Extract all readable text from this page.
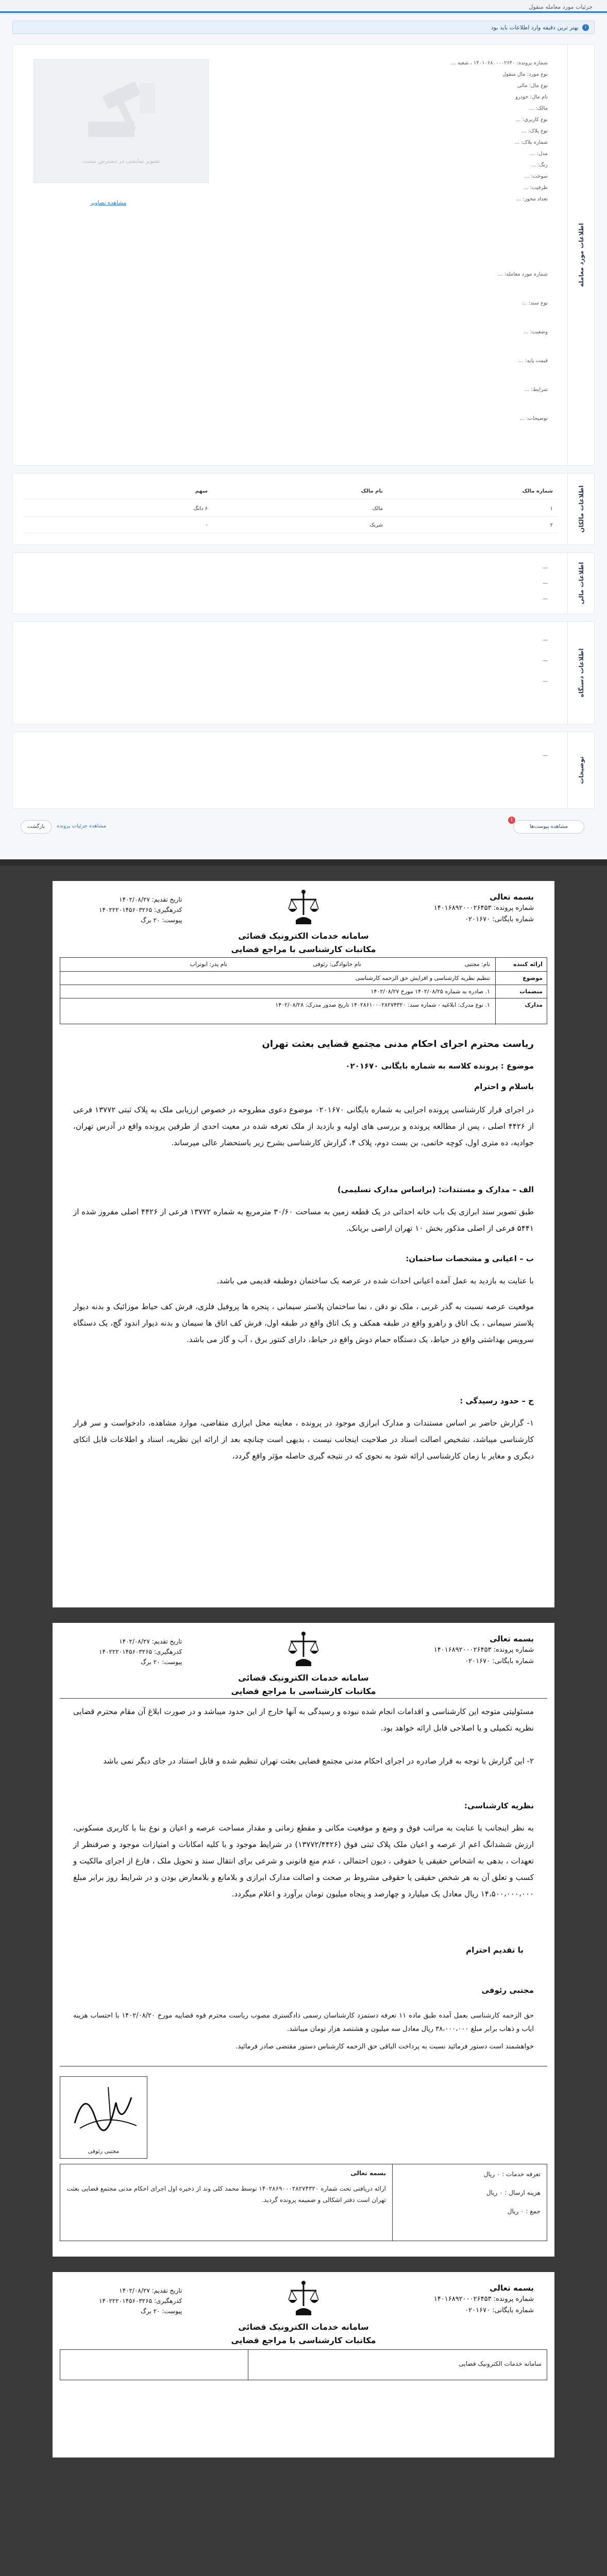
جزئیات مورد معامله منقول
i
بهتر ترین دقیقه وارد اطلاعات باید بود
اطلاعات مورد معامله
تصویر نمایشی در دسترس نیست
مشاهده تصاویر
شماره پرونده: ۱۴۰۱۰۶۸۰۰۰۰۲۶۴۰ ، شعبه ...
نوع مورد: مال منقول
نوع مال: مالی
نام مال: خودرو
مالک: ...
نوع کاربری: ...
نوع پلاک: ...
شماره پلاک: ...
مدل: ...
رنگ: ...
سوخت: ...
ظرفیت: ...
تعداد محور: ...
شماره مورد معامله: ...
نوع سند: ...
وضعیت: ...
قیمت پایه: ...
شرایط: ...
توضیحات: ...
اطلاعات مالکان
شماره مالک
نام مالک
سهم
۱
مالک
۶ دانگ
۲
شریک
-
اطلاعات مالی
—
—
—
اطلاعات دستگاه
—
—
—
توضیحات
—
بازگشت	مشاهده جزئیات پرونده	مشاهده پیوست‌ها
1
بسمه تعالی
شماره پرونده: ۱۴۰۱۶۸۹۲۰۰۰۲۶۴۵۳
شماره بایگانی: ۰۲۰۱۶۷۰
سامانه خدمات الکترونیک قضائی
مکاتبات کارشناسی با مراجع قضایی
تاریخ تقدیم: ۱۴۰۲/۰۸/۲۷
کدرهگیری: ۱۴۰۲۲۲۰۱۴۵۶۰۳۲۶۵
پیوست: ۲۰ برگ
ارائه کننده
نام: مجتبی
نام خانوادگی: رئوفی
نام پدر: ابوتراب
موضوع
تنظیم نظریه کارشناسی و افزایش حق الزحمه کارشناسی
منضمات
۱. صادره به شماره ۱۴۰۲/۰۸/۲۵ مورخ ۱۴۰۲/۰۸/۲۷
مدارک
۱. نوع مدرک: ابلاغیه - شماره سند: ۱۴۰۲۸۶۱۰۰۰۲۸۲۷۴۳۲۰ تاریخ صدور مدرک: ۱۴۰۲/۰۸/۲۸
ریاست محترم اجرای احکام مدنی مجتمع قضایی بعثت تهران
موضوع : پرونده کلاسه به شماره بایگانی ۰۲۰۱۶۷۰
باسلام و احترام
در اجرای قرار کارشناسی پرونده اجرایی به شماره بایگانی ۰۲۰۱۶۷۰ موضوع دعوی مطروحه در خصوص ارزیابی ملک به پلاک ثبتی ۱۳۷۷۲ فرعی از ۴۴۲۶ اصلی ، پس از مطالعه پرونده و بررسی های اولیه و بازدید از ملک تعرفه شده در معیت احدی از طرفین پرونده واقع در آدرس تهران، جوادیه، ده متری اول، کوچه خاتمی، بن بست دوم، پلاک ۴، گزارش کارشناسی بشرح زیر باستحضار عالی میرساند.
الف – مدارک و مستندات: (براساس مدارک تسلیمی)
طبق تصویر سند ابرازی یک باب خانه احداثی در یک قطعه زمین به مساحت ۳۰/۶۰ مترمربع به شماره ۱۳۷۷۲ فرعی از ۴۴۲۶ اصلی مفروز شده از ۵۴۴۱ فرعی از اصلی مذکور بخش ۱۰ تهران اراضی بریانک.
ب – اعیانی و مشخصات ساختمان:
با عنایت به بازدید به عمل آمده اعیانی احداث شده در عرصه یک ساختمان دوطبقه قدیمی می باشد.
موقعیت عرصه نسبت به گذر غربی ، ملک نو دقن ، نما ساختمان پلاستر سیمانی ، پنجره ها پروفیل فلزی، فرش کف حیاط موزائیک و بدنه دیوار پلاستر سیمانی ، یک اتاق و راهرو واقع در طبقه همکف و یک اتاق واقع در طبقه اول، فرش کف اتاق ها سیمان و بدنه دیوار اندود گچ، یک دستگاه سرویس بهداشتی واقع در حیاط، یک دستگاه حمام دوش واقع در حیاط، دارای کنتور برق ، آب و گاز می باشد.
ج – حدود رسیدگی :
۱- گزارش حاضر بر اساس مستندات و مدارک ابرازی موجود در پرونده ، معاینه محل ابرازی متقاضی، موارد مشاهده، دادخواست و سر قرار کارشناسی میباشد، تشخیص اصالت اسناد در صلاحیت اینجانب نیست ، بدیهی است چنانچه بعد از ارائه این نظریه، اسناد و اطلاعات قابل اتکای دیگری و مغایر با زمان کارشناسی ارائه شود به نحوی که در نتیجه گیری حاصله مؤثر واقع گردد،
بسمه تعالی
شماره پرونده: ۱۴۰۱۶۸۹۲۰۰۰۲۶۴۵۳
شماره بایگانی: ۰۲۰۱۶۷۰
سامانه خدمات الکترونیک قضائی
مکاتبات کارشناسی با مراجع قضایی
تاریخ تقدیم: ۱۴۰۲/۰۸/۲۷
کدرهگیری: ۱۴۰۲۲۲۰۱۴۵۶۰۳۲۶۵
پیوست: ۲۰ برگ
مسئولیتی متوجه این کارشناسی و اقدامات انجام شده نبوده و رسیدگی به آنها خارج از این حدود میباشد و در صورت ابلاغ آن مقام محترم قضایی نظریه تکمیلی و یا اصلاحی قابل ارائه خواهد بود.
۲- این گزارش با توجه به قرار صادره در اجرای احکام مدنی مجتمع قضایی بعثت تهران تنظیم شده و قابل استناد در جای دیگر نمی باشد
نظریه کارشناسی:
به نظر اینجانب با عنایت به مراتب فوق و وضع و موقعیت مکانی و مقطع زمانی و مقدار مساحت عرصه و اعیان و نوع بنا با کاربری مسکونی، ارزش ششدانگ اعم از عرصه و اعیان ملک پلاک ثبتی فوق (۱۳۷۷۲/۴۴۲۶) در شرایط موجود و با کلیه امکانات و امتیازات موجود و صرفنظر از تعهدات ، بدهی به اشخاص حقیقی یا حقوقی ، دیون احتمالی ، عدم منع قانونی و شرعی برای انتقال سند و تحویل ملک ، فارغ از اجرای مالکیت و کسب و تعلق آن به هر شخص حقیقی یا حقوقی مشروط بر صحت و اصالت مدارک ابرازی و بلامانع و بلامعارض بودن و در شرایط روز برابر مبلغ ۱۴،۵۰۰،۰۰۰،۰۰۰ ریال معادل یک میلیارد و چهارصد و پنجاه میلیون تومان برآورد و اعلام میگردد.
با تقدیم احترام
مجتبی رئوفی
حق الزحمه کارشناسی بعمل آمده طبق ماده ۱۱ تعرفه دستمزد کارشناسان رسمی دادگستری مصوب ریاست محترم قوه قضاییه مورخ ۱۴۰۲/۰۸/۲۰ با احتساب هزینه ایاب و ذهاب برابر مبلغ ۳۸،۰۰۰،۰۰۰ ریال معادل سه میلیون و هشتصد هزار تومان میباشد.
خواهشمند است دستور فرمائید نسبت به پرداخت الباقی حق الزحمه کارشناس دستور مقتضی صادر فرمائید.
مجتبی رئوفی
تعرفه خدمات : ۰ ریال
هزینه ارسال : ۰ ریال
جمع : ۰ ریال
بسمه تعالی
ارائه دریافتی تحت شماره ۱۴۰۲۸۶۹۰۰۰۲۸۲۷۴۳۲۰ توسط محمد کلی وند از ذخیره اول اجرای احکام مدنی مجتمع قضایی بعثت تهران است دفتر اشکالی و ضمیمه پرونده گردید.
بسمه تعالی
شماره پرونده: ۱۴۰۱۶۸۹۲۰۰۰۲۶۴۵۳
شماره بایگانی: ۰۲۰۱۶۷۰
سامانه خدمات الکترونیک قضائی
مکاتبات کارشناسی با مراجع قضایی
تاریخ تقدیم: ۱۴۰۲/۰۸/۲۷
کدرهگیری: ۱۴۰۲۲۲۰۱۴۵۶۰۳۲۶۵
پیوست: ۲۰ برگ
سامانه خدمات الکترونیک قضایی
